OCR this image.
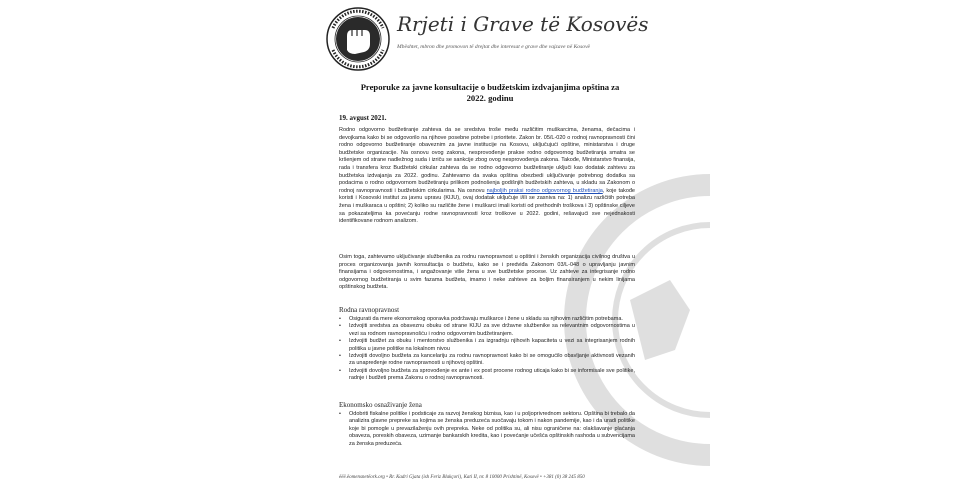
Rrjeti i Grave të Kosovës
Mbështet, mbron dhe promovon të drejtat dhe interesat e grave dhe vajzave në Kosovë
Preporuke za javne konsultacije o budžetskim izdvajanjima opština za
2022. godinu
19. avgust 2021.
Rodno odgovorno budžetiranje zahteva da se sredstva troše među različitim muškarcima, ženama, dečacima i devojkama kako bi se odgovorilo na njihove posebne potrebe i prioritete. Zakon br. 05/L-020 o rodnoj ravnopravnosti čini rodno odgovorno budžetiranje obaveznim za javne institucije na Kosovu, uključujući opštine, ministarstva i druge budžetske organizacije. Na osnovu ovog zakona, nesprovođenje prakse rodno odgovornog budžetiranja smatra se kršenjem od strane nadležnog suda i izriču se sankcije zbog ovog nesprovođenja zakona. Takođe, Ministarstvo finansija, rada i transfera kroz Budžetski cirkular zahteva da se rodno odgovorno budžetiranje uključi kao dodatak zahtevu za budžetska izdvajanja za 2022. godinu. Zahtevamo da svaka opština obezbedi uključivanje potrebnog dodatka sa podacima o rodno odgovornom budžetiranju prilikom podnošenja godišnjih budžetskih zahteva, u skladu sa Zakonom o rodnoj ravnopravnosti i budžetskim cirkularima. Na osnovu najboljih praksi rodno odgovornog budžetiranja, koje takođe koristi i Kosovski institut za javnu upravu (KIJU), ovaj dodatak uključuje i/ili se zasniva na: 1) analizu različitih potreba žena i muškaraca u opštini; 2) koliko su različite žene i muškarci imali koristi od prethodnih troškova i 3) opštinske ciljeve sa pokazateljima ka povećanju rodne ravnopravnosti kroz troškove u 2022. godini, rešavajući sve nejednakosti identifikovane rodnom analizom.
Osim toga, zahtevamo uključivanje službenika za rodnu ravnopravnost u opštini i ženskih organizacija civilnog društva u proces organizovanja javnih konsultacija o budžetu, kako se i predviđa Zakonom 03/L-048 o upravljanju javnim finansijama i odgovornostima, i angažovanje više žena u sve budžetske procese. Uz zahteve za integrisanje rodno odgovornog budžetiranja u svim fazama budžeta, imamo i neke zahteve za boljim finansiranjem u nekim linijama opštinskog budžeta.
Rodna ravnopravnost
•	Osigurati da mere ekonomskog oporavka podržavaju muškarce i žene u skladu sa njihovim različitim potrebama.
•	Izdvojiti sredstva za obaveznu obuku od strane KIJU za sve državne službenike sa relevantnim odgovornostima u vezi sa rodnom ravnopravnošću i rodno odgovornim budžetiranjem.
•	Izdvojiti budžet za obuku i mentorstvo službenika i za izgradnju njihovih kapaciteta u vezi sa integrisanjem rodnih politika u javne politike na lokalnom nivou
•	Izdvojiti dovoljno budžeta za kancelariju za rodnu ravnopravnost kako bi se omogućilo obavljanje aktivnosti vezanih za unapređenje rodne ravnopravnosti u njihovoj opštini.
•	Izdvojiti dovoljno budžeta za sprovođenje ex ante i ex post procene rodnog uticaja kako bi se informisale sve politike, radnje i budžeti prema Zakonu o rodnoj ravnopravnosti.
Ekonomsko osnaživanje žena
•	Odobriti fiskalne politike i podsticaje za razvoj ženskog biznisa, kao i u poljoprivrednom sektoru. Opština bi trebalo da analizira glavne prepreke sa kojima se ženska preduzeća suočavaju tokom i nakon pandemije, kao i da uradi politike koje bi pomogle u prevazilaženju ovih prepreka. Neke od politika su, ali nisu ograničene na: olakšavanje plaćanja obaveza, poreskih obaveza, uzimanje bankarskih kredita, kao i povećanje učešća opštinskih rashoda u subvencijama za ženska preduzeća.
ëëë.ëomensnetëork.org • Rr. Kadri Gjata (ish Feriz Blakçori), Kati II, nr. 8 10000 Prishtinë, Kosovë • +381 (0) 38 245 850
